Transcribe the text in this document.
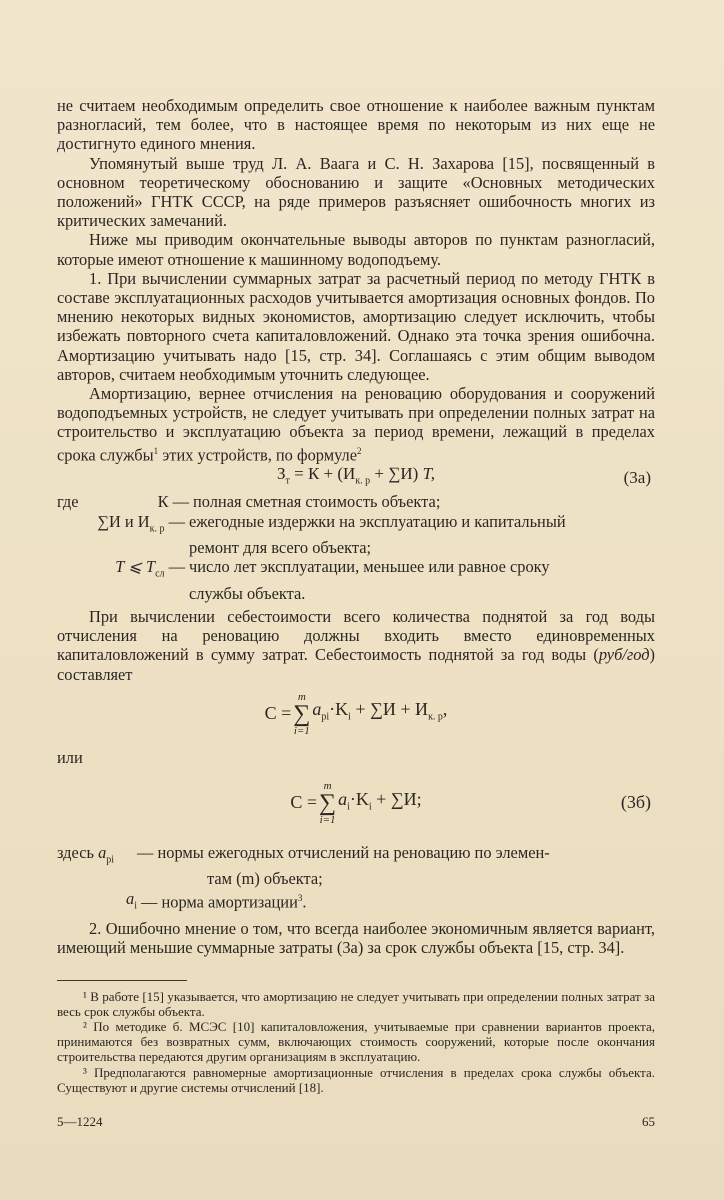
не считаем необходимым определить свое отношение к наиболее важным пунктам разногласий, тем более, что в настоящее время по некоторым из них еще не достигнуто единого мнения.

Упомянутый выше труд Л. А. Ваага и С. Н. Захарова [15], посвященный в основном теоретическому обоснованию и защите «Основных методических положений» ГНТК СССР, на ряде примеров разъясняет ошибочность многих из критических замечаний.

Ниже мы приводим окончательные выводы авторов по пунктам разногласий, которые имеют отношение к машинному водоподъему.

1. При вычислении суммарных затрат за расчетный период по методу ГНТК в составе эксплуатационных расходов учитывается амортизация основных фондов. По мнению некоторых видных экономистов, амортизацию следует исключить, чтобы избежать повторного счета капиталовложений. Однако эта точка зрения ошибочна. Амортизацию учитывать надо [15, стр. 34]. Соглашаясь с этим общим выводом авторов, считаем необходимым уточнить следующее.

Амортизацию, вернее отчисления на реновацию оборудования и сооружений водоподъемных устройств, не следует учитывать при определении полных затрат на строительство и эксплуатацию объекта за период времени, лежащий в пределах срока службы$^1$ этих устройств, по формуле$^2$

$З_т = К + (И_{к. р} + \sum И)$ T,	(3а)
где	К — полная сметная стоимость объекта;
∑И и $И_{к. р}$ — ежегодные издержки на эксплуатацию и капитальный
ремонт для всего объекта;
T ⩽ $T_{сл}$ — число лет эксплуатации, меньшее или равное сроку
службы объекта.

При вычислении себестоимости всего количества поднятой за год воды отчисления на реновацию должны входить вместо единовременных капиталовложений в сумму затрат. Себестоимость поднятой за год воды (руб/год) составляет

С =
m
∑
i=1
$a_{pi}\cdot K_i + \sum И + И_{к. р}$,
или
С =
m
∑
i=1
$a_i\cdot K_i + \sum И$;	(3б)
здесь $a_{pi}$	— нормы ежегодных отчислений на реновацию по элемен-
там (m) объекта;
$a_i$ — норма амортизации$^3$.

2. Ошибочно мнение о том, что всегда наиболее экономичным является вариант, имеющий меньшие суммарные затраты (3а) за срок службы объекта [15, стр. 34].

¹ В работе [15] указывается, что амортизацию не следует учитывать при определении полных затрат за весь срок службы объекта.

² По методике б. МСЭС [10] капиталовложения, учитываемые при сравнении вариантов проекта, принимаются без возвратных сумм, включающих стоимость сооружений, которые после окончания строительства передаются другим организациям в эксплуатацию.

³ Предполагаются равномерные амортизационные отчисления в пределах срока службы объекта. Существуют и другие системы отчислений [18].

5—1224	65
